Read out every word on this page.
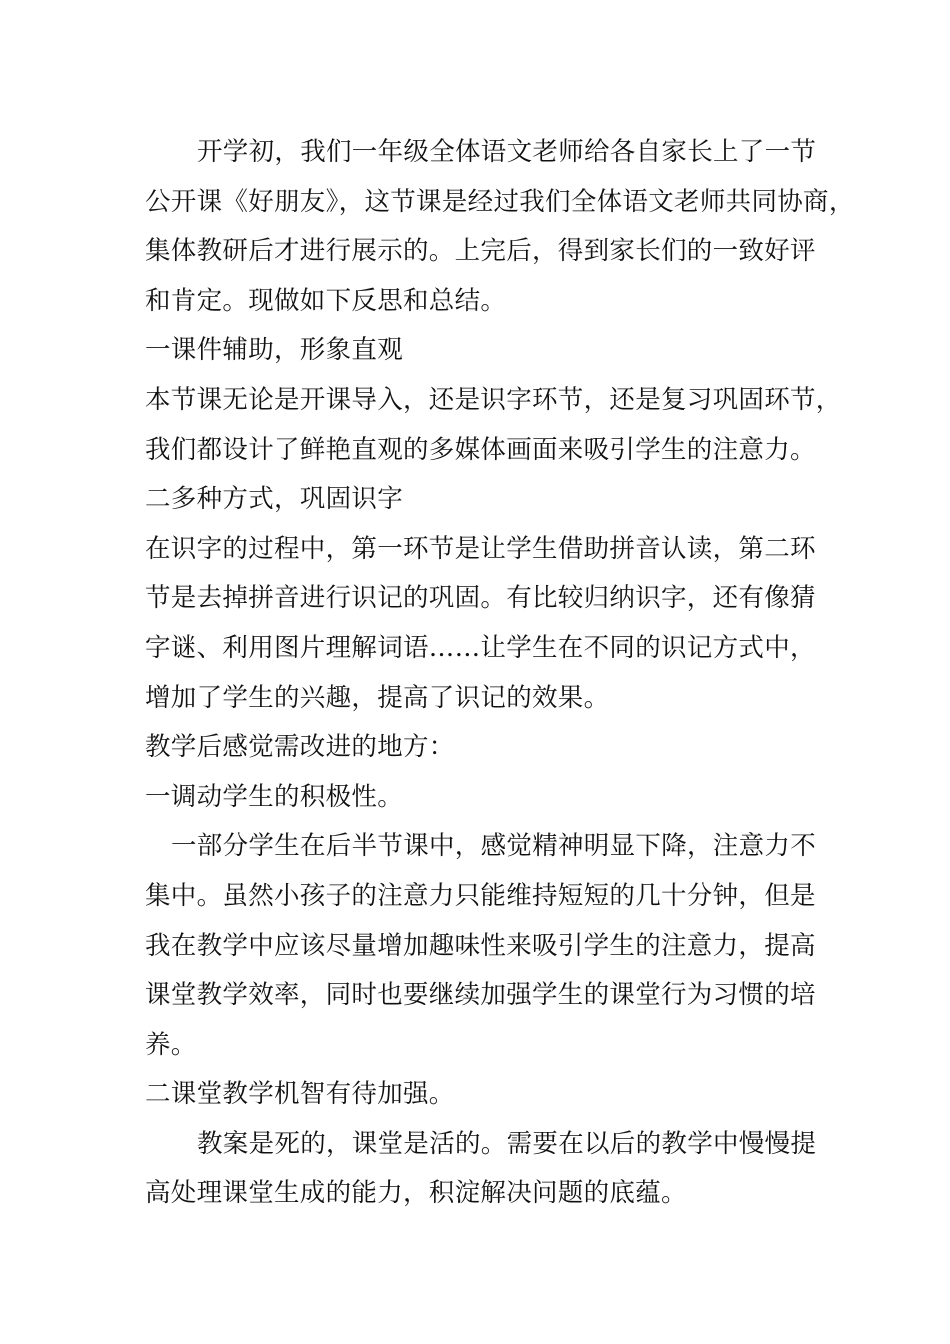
开学初，我们一年级全体语文老师给各自家长上了一节
公开课《好朋友》，这节课是经过我们全体语文老师共同协商，
集体教研后才进行展示的。上完后，得到家长们的一致好评
和肯定。现做如下反思和总结。
一课件辅助，形象直观
本节课无论是开课导入，还是识字环节，还是复习巩固环节，
我们都设计了鲜艳直观的多媒体画面来吸引学生的注意力。
二多种方式，巩固识字
在识字的过程中，第一环节是让学生借助拼音认读，第二环
节是去掉拼音进行识记的巩固。有比较归纳识字，还有像猜
字谜、利用图片理解词语……让学生在不同的识记方式中，
增加了学生的兴趣，提高了识记的效果。
教学后感觉需改进的地方：
一调动学生的积极性。
一部分学生在后半节课中，感觉精神明显下降，注意力不
集中。虽然小孩子的注意力只能维持短短的几十分钟，但是
我在教学中应该尽量增加趣味性来吸引学生的注意力，提高
课堂教学效率，同时也要继续加强学生的课堂行为习惯的培
养。
二课堂教学机智有待加强。
教案是死的，课堂是活的。需要在以后的教学中慢慢提
高处理课堂生成的能力，积淀解决问题的底蕴。
